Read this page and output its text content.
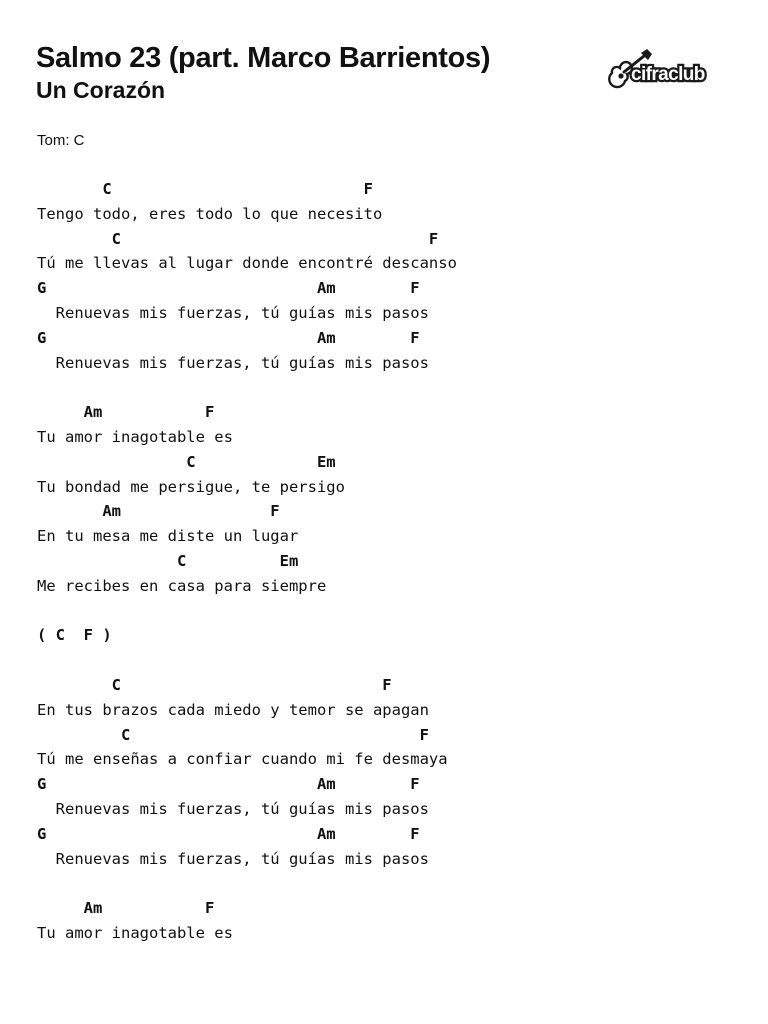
Salmo 23 (part. Marco Barrientos)
Un Corazón
cifraclub
Tom: C
C                           F
Tengo todo, eres todo lo que necesito
C                                 F
Tú me llevas al lugar donde encontré descanso
G                             Am        F
Renuevas mis fuerzas, tú guías mis pasos
G                             Am        F
Renuevas mis fuerzas, tú guías mis pasos
Am           F
Tu amor inagotable es
C             Em
Tu bondad me persigue, te persigo
Am                F
En tu mesa me diste un lugar
C          Em
Me recibes en casa para siempre
( C  F )
C                            F
En tus brazos cada miedo y temor se apagan
C                               F
Tú me enseñas a confiar cuando mi fe desmaya
G                             Am        F
Renuevas mis fuerzas, tú guías mis pasos
G                             Am        F
Renuevas mis fuerzas, tú guías mis pasos
Am           F
Tu amor inagotable es
